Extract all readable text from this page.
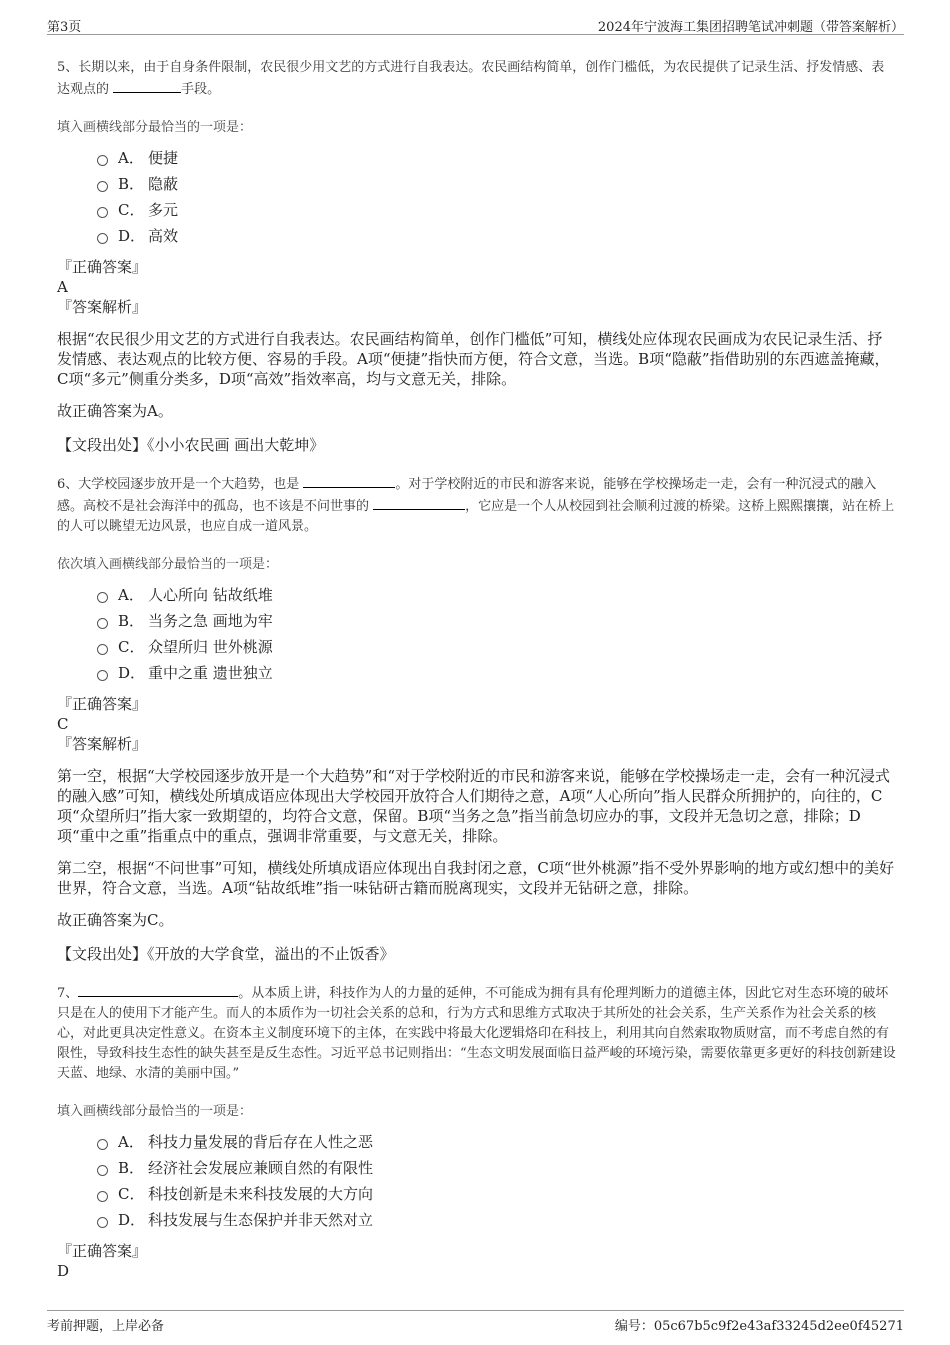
第3页	2024年宁波海工集团招聘笔试冲刺题（带答案解析）

5、长期以来，由于自身条件限制，农民很少用文艺的方式进行自我表达。农民画结构简单，创作门槛低，为农民提供了记录生活、抒发情感、表达观点的	手段。

填入画横线部分最恰当的一项是：
A． 便捷
B． 隐蔽
C． 多元
D． 高效
『正确答案』
A
『答案解析』

根据“农民很少用文艺的方式进行自我表达。农民画结构简单，创作门槛低”可知，横线处应体现农民画成为农民记录生活、抒发情感、表达观点的比较方便、容易的手段。A项“便捷”指快而方便，符合文意，当选。B项“隐蔽”指借助别的东西遮盖掩藏，C项“多元”侧重分类多，D项“高效”指效率高，均与文意无关，排除。

故正确答案为A。

【文段出处】《小小农民画 画出大乾坤》

6、大学校园逐步放开是一个大趋势，也是	。对于学校附近的市民和游客来说，能够在学校操场走一走，会有一种沉浸式的融入感。高校不是社会海洋中的孤岛，也不该是不问世事的	，它应是一个人从校园到社会顺利过渡的桥梁。这桥上熙熙攘攘，站在桥上的人可以眺望无边风景，也应自成一道风景。

依次填入画横线部分最恰当的一项是：
A． 人心所向 钻故纸堆
B． 当务之急 画地为牢
C． 众望所归 世外桃源
D． 重中之重 遗世独立
『正确答案』
C
『答案解析』

第一空，根据“大学校园逐步放开是一个大趋势”和“对于学校附近的市民和游客来说，能够在学校操场走一走，会有一种沉浸式的融入感”可知，横线处所填成语应体现出大学校园开放符合人们期待之意，A项“人心所向”指人民群众所拥护的，向往的，C项“众望所归”指大家一致期望的，均符合文意，保留。B项“当务之急”指当前急切应办的事，文段并无急切之意，排除；D项“重中之重”指重点中的重点，强调非常重要，与文意无关，排除。

第二空，根据“不问世事”可知，横线处所填成语应体现出自我封闭之意，C项“世外桃源”指不受外界影响的地方或幻想中的美好世界，符合文意，当选。A项“钻故纸堆”指一味钻研古籍而脱离现实，文段并无钻研之意，排除。

故正确答案为C。

【文段出处】《开放的大学食堂，溢出的不止饭香》

7、	。从本质上讲，科技作为人的力量的延伸，不可能成为拥有具有伦理判断力的道德主体，因此它对生态环境的破坏只是在人的使用下才能产生。而人的本质作为一切社会关系的总和，行为方式和思维方式取决于其所处的社会关系，生产关系作为社会关系的核心，对此更具决定性意义。在资本主义制度环境下的主体，在实践中将最大化逻辑烙印在科技上，利用其向自然索取物质财富，而不考虑自然的有限性，导致科技生态性的缺失甚至是反生态性。习近平总书记则指出：“生态文明发展面临日益严峻的环境污染，需要依靠更多更好的科技创新建设天蓝、地绿、水清的美丽中国。”

填入画横线部分最恰当的一项是：
A． 科技力量发展的背后存在人性之恶
B． 经济社会发展应兼顾自然的有限性
C． 科技创新是未来科技发展的大方向
D． 科技发展与生态保护并非天然对立
『正确答案』
D
考前押题，上岸必备	编号：05c67b5c9f2e43af33245d2ee0f45271
